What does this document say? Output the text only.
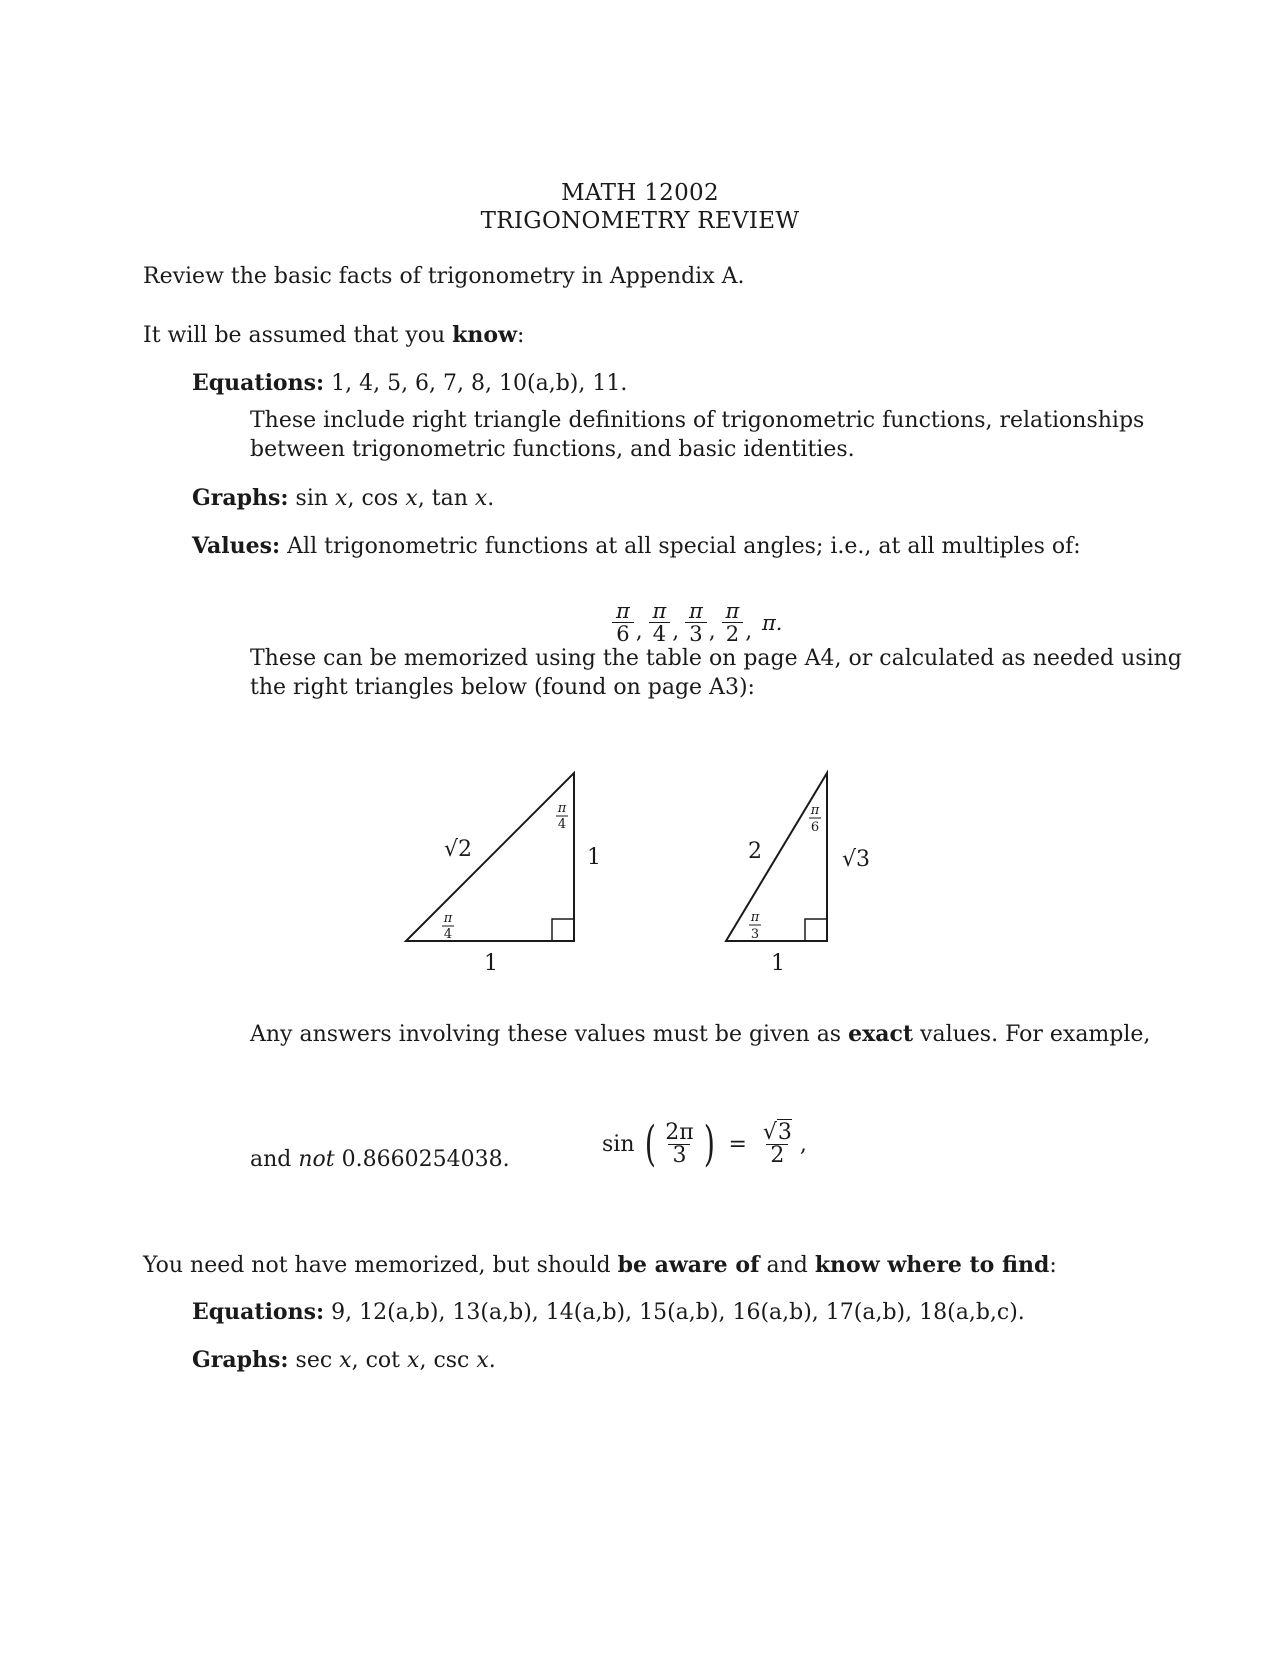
MATH 12002
TRIGONOMETRY REVIEW
Review the basic facts of trigonometry in Appendix A.
It will be assumed that you know:
Equations: 1, 4, 5, 6, 7, 8, 10(a,b), 11.
These include right triangle definitions of trigonometric functions, relationships
between trigonometric functions, and basic identities.
Graphs: sin x, cos x, tan x.
Values: All trigonometric functions at all special angles; i.e., at all multiples of:
$\frac{\pi}{6}$ , $\frac{\pi}{4}$ , $\frac{\pi}{3}$ , $\frac{\pi}{2}$ , π.
These can be memorized using the table on page A4, or calculated as needed using
the right triangles below (found on page A3):
√2	1
1
π
4
π
4
2	√3
1
π
6
π
3
Any answers involving these values must be given as exact values. For example,
sin ( $\frac{2\pi}{3}$ ) = $\frac{√3}{2}$ ,
and not 0.8660254038.
You need not have memorized, but should be aware of and know where to find:
Equations: 9, 12(a,b), 13(a,b), 14(a,b), 15(a,b), 16(a,b), 17(a,b), 18(a,b,c).
Graphs: sec x, cot x, csc x.
